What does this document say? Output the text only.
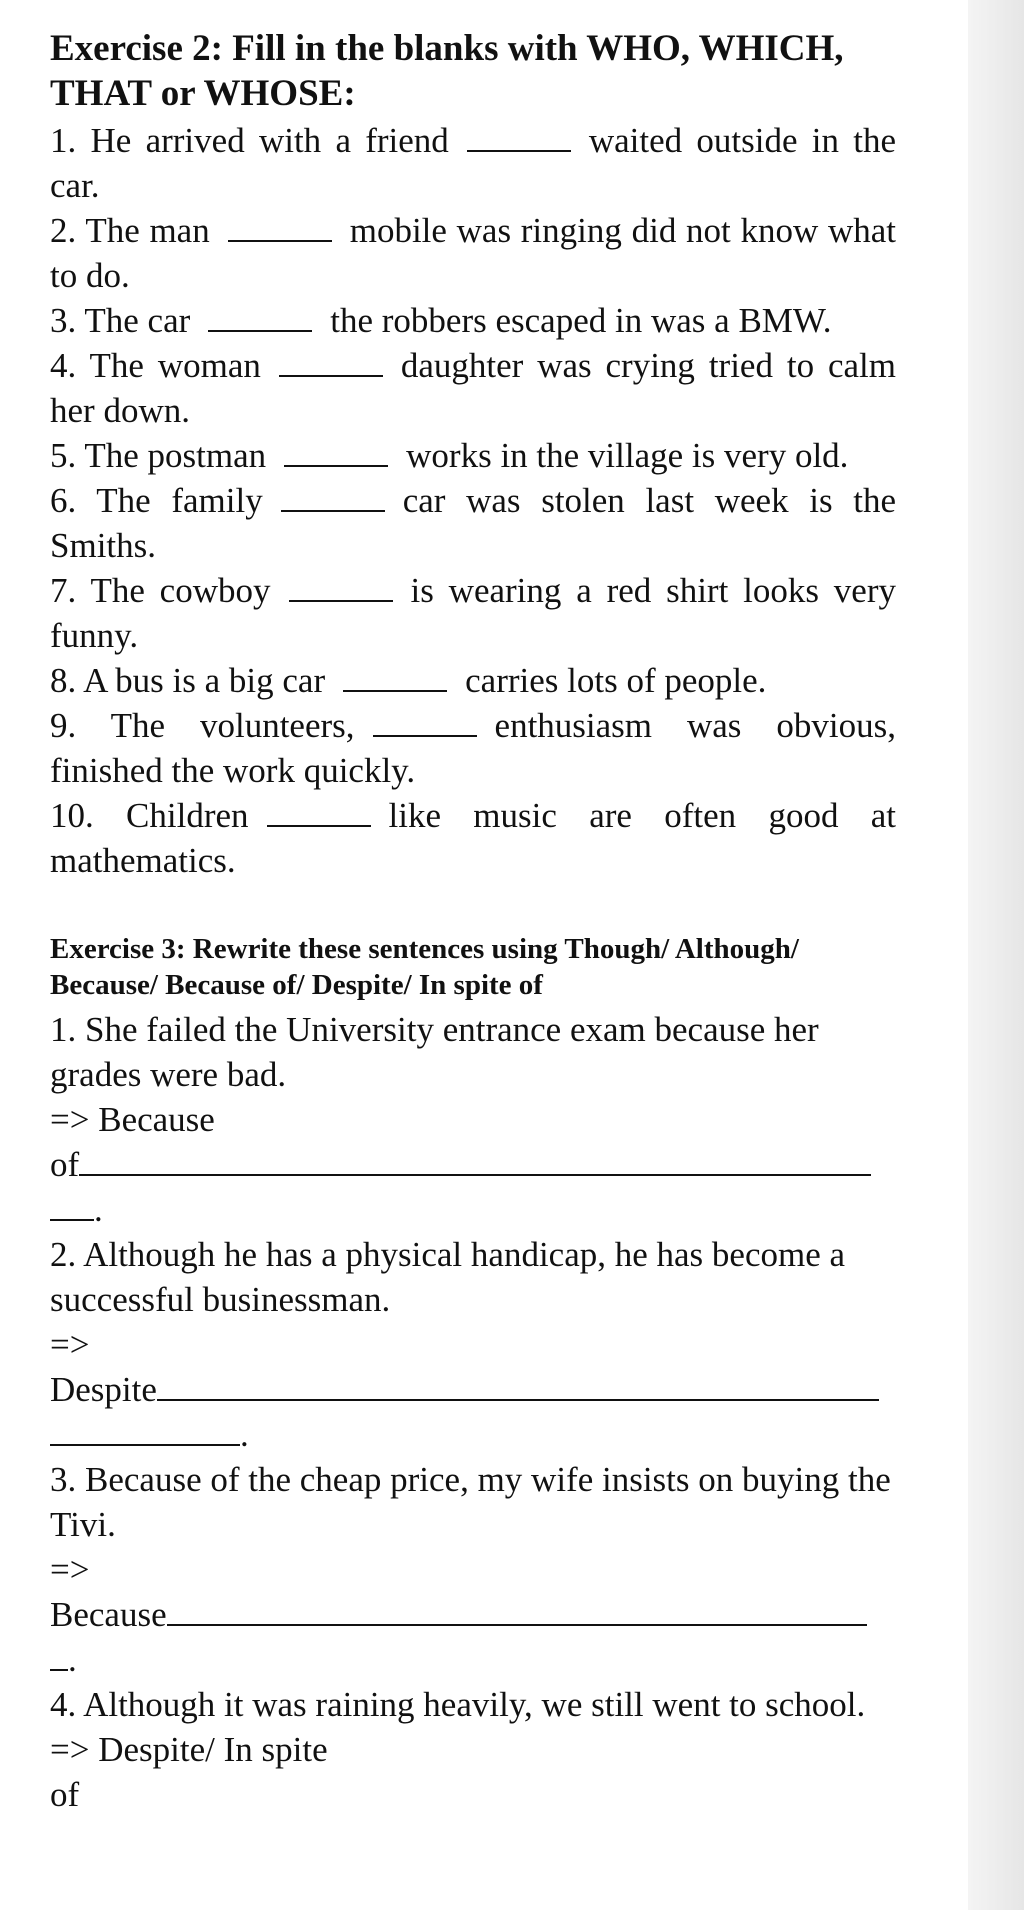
Exercise 2: Fill in the blanks with WHO, WHICH, THAT or WHOSE:

1. He arrived with a friend	waited outside in the car.

2. The man	mobile was ringing did not know what to do.

3. The car	the robbers escaped in was a BMW.

4. The woman	daughter was crying tried to calm her down.

5. The postman	works in the village is very old.

6. The family	car was stolen last week is the Smiths.

7. The cowboy	is wearing a red shirt looks very funny.

8. A bus is a big car	carries lots of people.

9. The volunteers,	enthusiasm was obvious, finished the work quickly.

10. Children	like music are often good at mathematics.

Exercise 3: Rewrite these sentences using Though/ Although/ Because/ Because of/ Despite/ In spite of

1. She failed the University entrance exam because her grades were bad.

=> Because

of

.

2. Although he has a physical handicap, he has become a successful businessman.

=>

Despite

.

3. Because of the cheap price, my wife insists on buying the Tivi.

=>

Because

.

4. Although it was raining heavily, we still went to school.

=> Despite/ In spite

of
